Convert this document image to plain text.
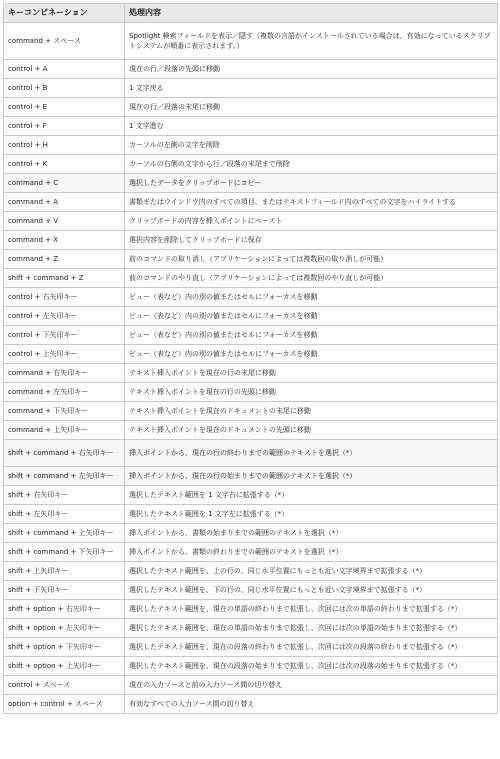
キーコンビネーション	処理内容
command + スペース	Spotlight 検索フィールドを表示／隠す（複数の言語がインストールされている場合は、有効になっているスクリプトシステムが順番に表示されます。）
control + A	現在の行／段落の先頭に移動
control + B	1 文字戻る
control + E	現在の行／段落の末尾に移動
control + F	1 文字進む
control + H	カーソルの左側の文字を削除
control + K	カーソルの右側の文字から行／段落の末尾まで削除
command + C	選択したデータをクリップボードにコピー
command + A	書類またはウインドウ内のすべての項目、またはテキストフィールド内のすべての文字をハイライトする
command + V	クリップボードの内容を挿入ポイントにペースト
command + X	選択内容を削除してクリップボードに保存
command + Z	前のコマンドの取り消し（アプリケーションによっては複数回の取り消しが可能）
shift + command + Z	前のコマンドのやり直し（アプリケーションによっては複数回のやり直しが可能）
control + 右矢印キー	ビュー（表など）内の別の値またはセルにフォーカスを移動
control + 左矢印キー	ビュー（表など）内の別の値またはセルにフォーカスを移動
control + 下矢印キー	ビュー（表など）内の別の値またはセルにフォーカスを移動
control + 上矢印キー	ビュー（表など）内の別の値またはセルにフォーカスを移動
command + 右矢印キー	テキスト挿入ポイントを現在の行の末尾に移動
command + 左矢印キー	テキスト挿入ポイントを現在の行の先頭に移動
command + 下矢印キー	テキスト挿入ポイントを現在のドキュメントの末尾に移動
command + 上矢印キー	テキスト挿入ポイントを現在のドキュメントの先頭に移動
shift + command + 右矢印キー	挿入ポイントから、現在の行の終わりまでの範囲のテキストを選択（*）
shift + command + 左矢印キー	挿入ポイントから、現在の行の始まりまでの範囲のテキストを選択（*）
shift + 右矢印キー	選択したテキスト範囲を 1 文字右に拡張する（*）
shift + 左矢印キー	選択したテキスト範囲を 1 文字左に拡張する（*）
shift + command + 上矢印キー	挿入ポイントから、書類の始まりまでの範囲のテキストを選択（*）
shift + command + 下矢印キー	挿入ポイントから、書類の終わりまでの範囲のテキストを選択（*）
shift + 上矢印キー	選択したテキスト範囲を、上の行の、同じ水平位置にもっとも近い文字境界まで拡張する（*）
shift + 下矢印キー	選択したテキスト範囲を、下の行の、同じ水平位置にもっとも近い文字境界まで拡張する（*）
shift + option + 右矢印キー	選択したテキスト範囲を、現在の単語の終わりまで拡張し、次回には次の単語の終わりまで拡張する（*）
shift + option + 左矢印キー	選択したテキスト範囲を、現在の単語の始まりまで拡張し、次回には次の単語の始まりまで拡張する（*）
shift + option + 下矢印キー	選択したテキスト範囲を、現在の段落の終わりまで拡張し、次回には次の段落の終わりまで拡張する（*）
shift + option + 上矢印キー	選択したテキスト範囲を、現在の段落の始まりまで拡張し、次回には次の段落の始まりまで拡張する（*）
control + スペース	現在の入力ソースと前の入力ソース間の切り替え
option + control + スペース	有効なすべての入力ソース間の切り替え
